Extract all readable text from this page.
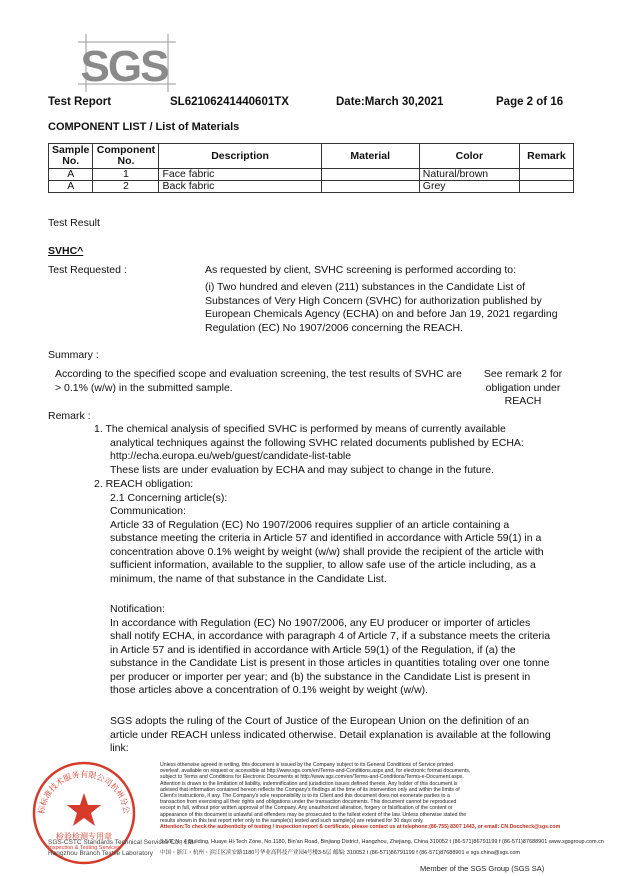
SGS
Test Report	SL62106241440601TX	Date:March 30,2021	Page 2 of 16
COMPONENT LIST / List of Materials
Sample No.	Component No.	Description	Material	Color	Remark
A	1	Face fabric		Natural/brown	
A	2	Back fabric		Grey	
Test Result
SVHC^
Test Requested :	As requested by client, SVHC screening is performed according to:
(i) Two hundred and eleven (211) substances in the Candidate List of
Substances of Very High Concern (SVHC) for authorization published by
European Chemicals Agency (ECHA) on and before Jan 19, 2021 regarding
Regulation (EC) No 1907/2006 concerning the REACH.
Summary :
According to the specified scope and evaluation screening, the test results of SVHC are
> 0.1% (w/w) in the submitted sample.
See remark 2 for
obligation under
REACH
Remark :
1. The chemical analysis of specified SVHC is performed by means of currently available
analytical techniques against the following SVHC related documents published by ECHA:
http://echa.europa.eu/web/guest/candidate-list-table
These lists are under evaluation by ECHA and may subject to change in the future.
2. REACH obligation:
2.1 Concerning article(s):
Communication:
Article 33 of Regulation (EC) No 1907/2006 requires supplier of an article containing a
substance meeting the criteria in Article 57 and identified in accordance with Article 59(1) in a
concentration above 0.1% weight by weight (w/w) shall provide the recipient of the article with
sufficient information, available to the supplier, to allow safe use of the article including, as a
minimum, the name of that substance in the Candidate List.
Notification:
In accordance with Regulation (EC) No 1907/2006, any EU producer or importer of articles
shall notify ECHA, in accordance with paragraph 4 of Article 7, if a substance meets the criteria
in Article 57 and is identified in accordance with Article 59(1) of the Regulation, if (a) the
substance in the Candidate List is present in those articles in quantities totaling over one tonne
per producer or importer per year; and (b) the substance in the Candidate List is present in
those articles above a concentration of 0.1% weight by weight (w/w).
SGS adopts the ruling of the Court of Justice of the European Union on the definition of an
article under REACH unless indicated otherwise. Detail explanation is available at the following
link:
Unless otherwise agreed in writing, this document is issued by the Company subject to its General Conditions of Service printed
overleaf, available on request or accessible at http://www.sgs.com/en/Terms-and-Conditions.aspx and, for electronic format documents,
subject to Terms and Conditions for Electronic Documents at http://www.sgs.com/en/Terms-and-Conditions/Terms-e-Document.aspx.
Attention is drawn to the limitation of liability, indemnification and jurisdiction issues defined therein. Any holder of this document is
advised that information contained hereon reflects the Company's findings at the time of its intervention only and within the limits of
Client's instructions, if any. The Company's sole responsibility is to its Client and this document does not exonerate parties to a
transaction from exercising all their rights and obligations under the transaction documents. This document cannot be reproduced
except in full, without prior written approval of the Company. Any unauthorized alteration, forgery or falsification of the content or
appearance of this document is unlawful and offenders may be prosecuted to the fullest extent of the law. Unless otherwise stated the
results shown in this test report refer only to the sample(s) tested and such sample(s) are retained for 30 days only.
Attention:To check the authenticity of testing / inspection report & certificate, please contact us at telephone:(86-755) 8307 1443, or email: CN.Doccheck@sgs.com
3-5/F, No.4 Building, Huaye Hi-Tech Zone, No.1180, Bin'an Road, Binjiang District, Hangzhou, Zhejiang, China 310052 t (86-571)86791199 f (86-571)87688901 www.sgsgroup.com.cn
中国・浙江・杭州・滨江区滨安路1180号华业高科技产业园4号楼3-5层 邮编: 310052 t (86-571)86791199 f (86-571)87688901 e sgs.china@sgs.com
标标准技术服务有限公司杭州分公
检验检测专用章
Inspection & Testing Services
SGS-CSTC Standards Technical Services Co., Ltd.
Hangzhou Branch Textile Laboratory
Member of the SGS Group (SGS SA)
